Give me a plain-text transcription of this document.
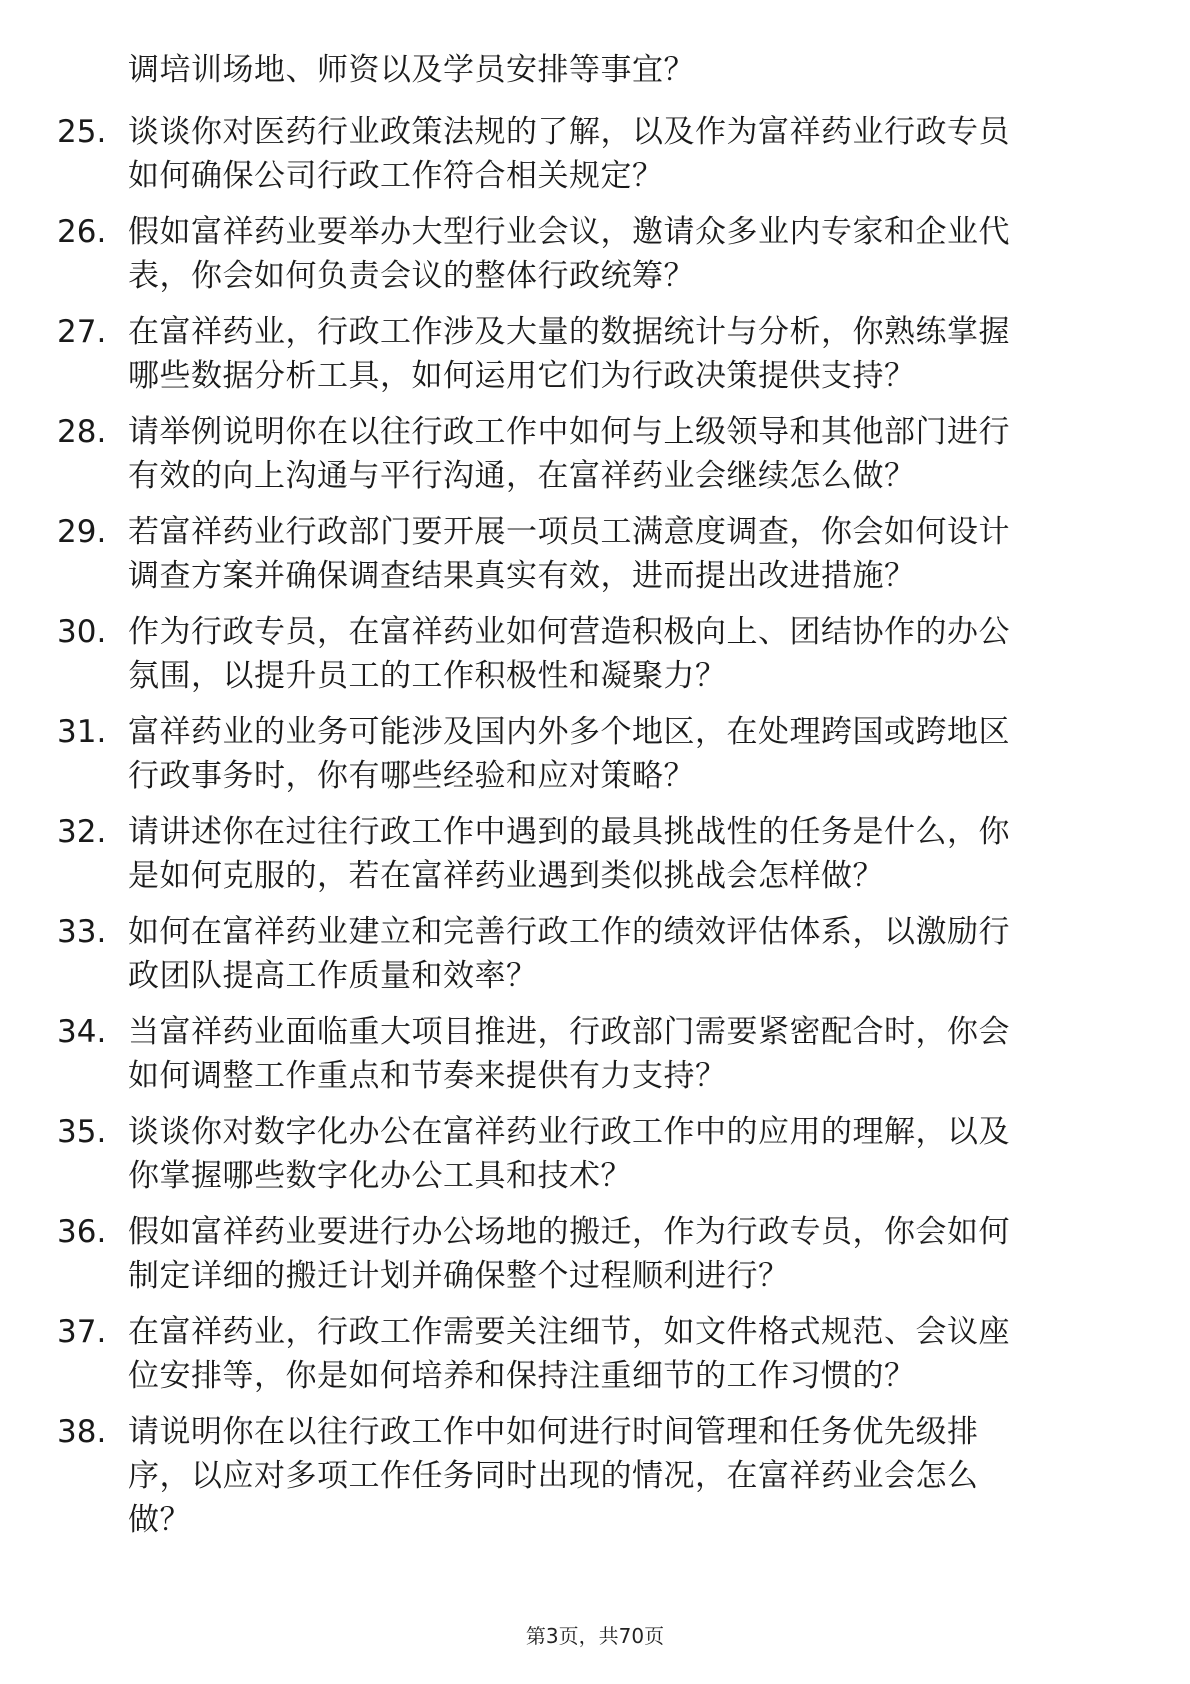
调培训场地、师资以及学员安排等事宜？
25. 谈谈你对医药行业政策法规的了解，以及作为富祥药业行政专员
如何确保公司行政工作符合相关规定？
26. 假如富祥药业要举办大型行业会议，邀请众多业内专家和企业代
表，你会如何负责会议的整体行政统筹？
27. 在富祥药业，行政工作涉及大量的数据统计与分析，你熟练掌握
哪些数据分析工具，如何运用它们为行政决策提供支持？
28. 请举例说明你在以往行政工作中如何与上级领导和其他部门进行
有效的向上沟通与平行沟通，在富祥药业会继续怎么做？
29. 若富祥药业行政部门要开展一项员工满意度调查，你会如何设计
调查方案并确保调查结果真实有效，进而提出改进措施？
30. 作为行政专员，在富祥药业如何营造积极向上、团结协作的办公
氛围，以提升员工的工作积极性和凝聚力？
31. 富祥药业的业务可能涉及国内外多个地区，在处理跨国或跨地区
行政事务时，你有哪些经验和应对策略？
32. 请讲述你在过往行政工作中遇到的最具挑战性的任务是什么，你
是如何克服的，若在富祥药业遇到类似挑战会怎样做？
33. 如何在富祥药业建立和完善行政工作的绩效评估体系，以激励行
政团队提高工作质量和效率？
34. 当富祥药业面临重大项目推进，行政部门需要紧密配合时，你会
如何调整工作重点和节奏来提供有力支持？
35. 谈谈你对数字化办公在富祥药业行政工作中的应用的理解，以及
你掌握哪些数字化办公工具和技术？
36. 假如富祥药业要进行办公场地的搬迁，作为行政专员，你会如何
制定详细的搬迁计划并确保整个过程顺利进行？
37. 在富祥药业，行政工作需要关注细节，如文件格式规范、会议座
位安排等，你是如何培养和保持注重细节的工作习惯的？
38. 请说明你在以往行政工作中如何进行时间管理和任务优先级排
序，以应对多项工作任务同时出现的情况，在富祥药业会怎么
做？
第3页，共70页
